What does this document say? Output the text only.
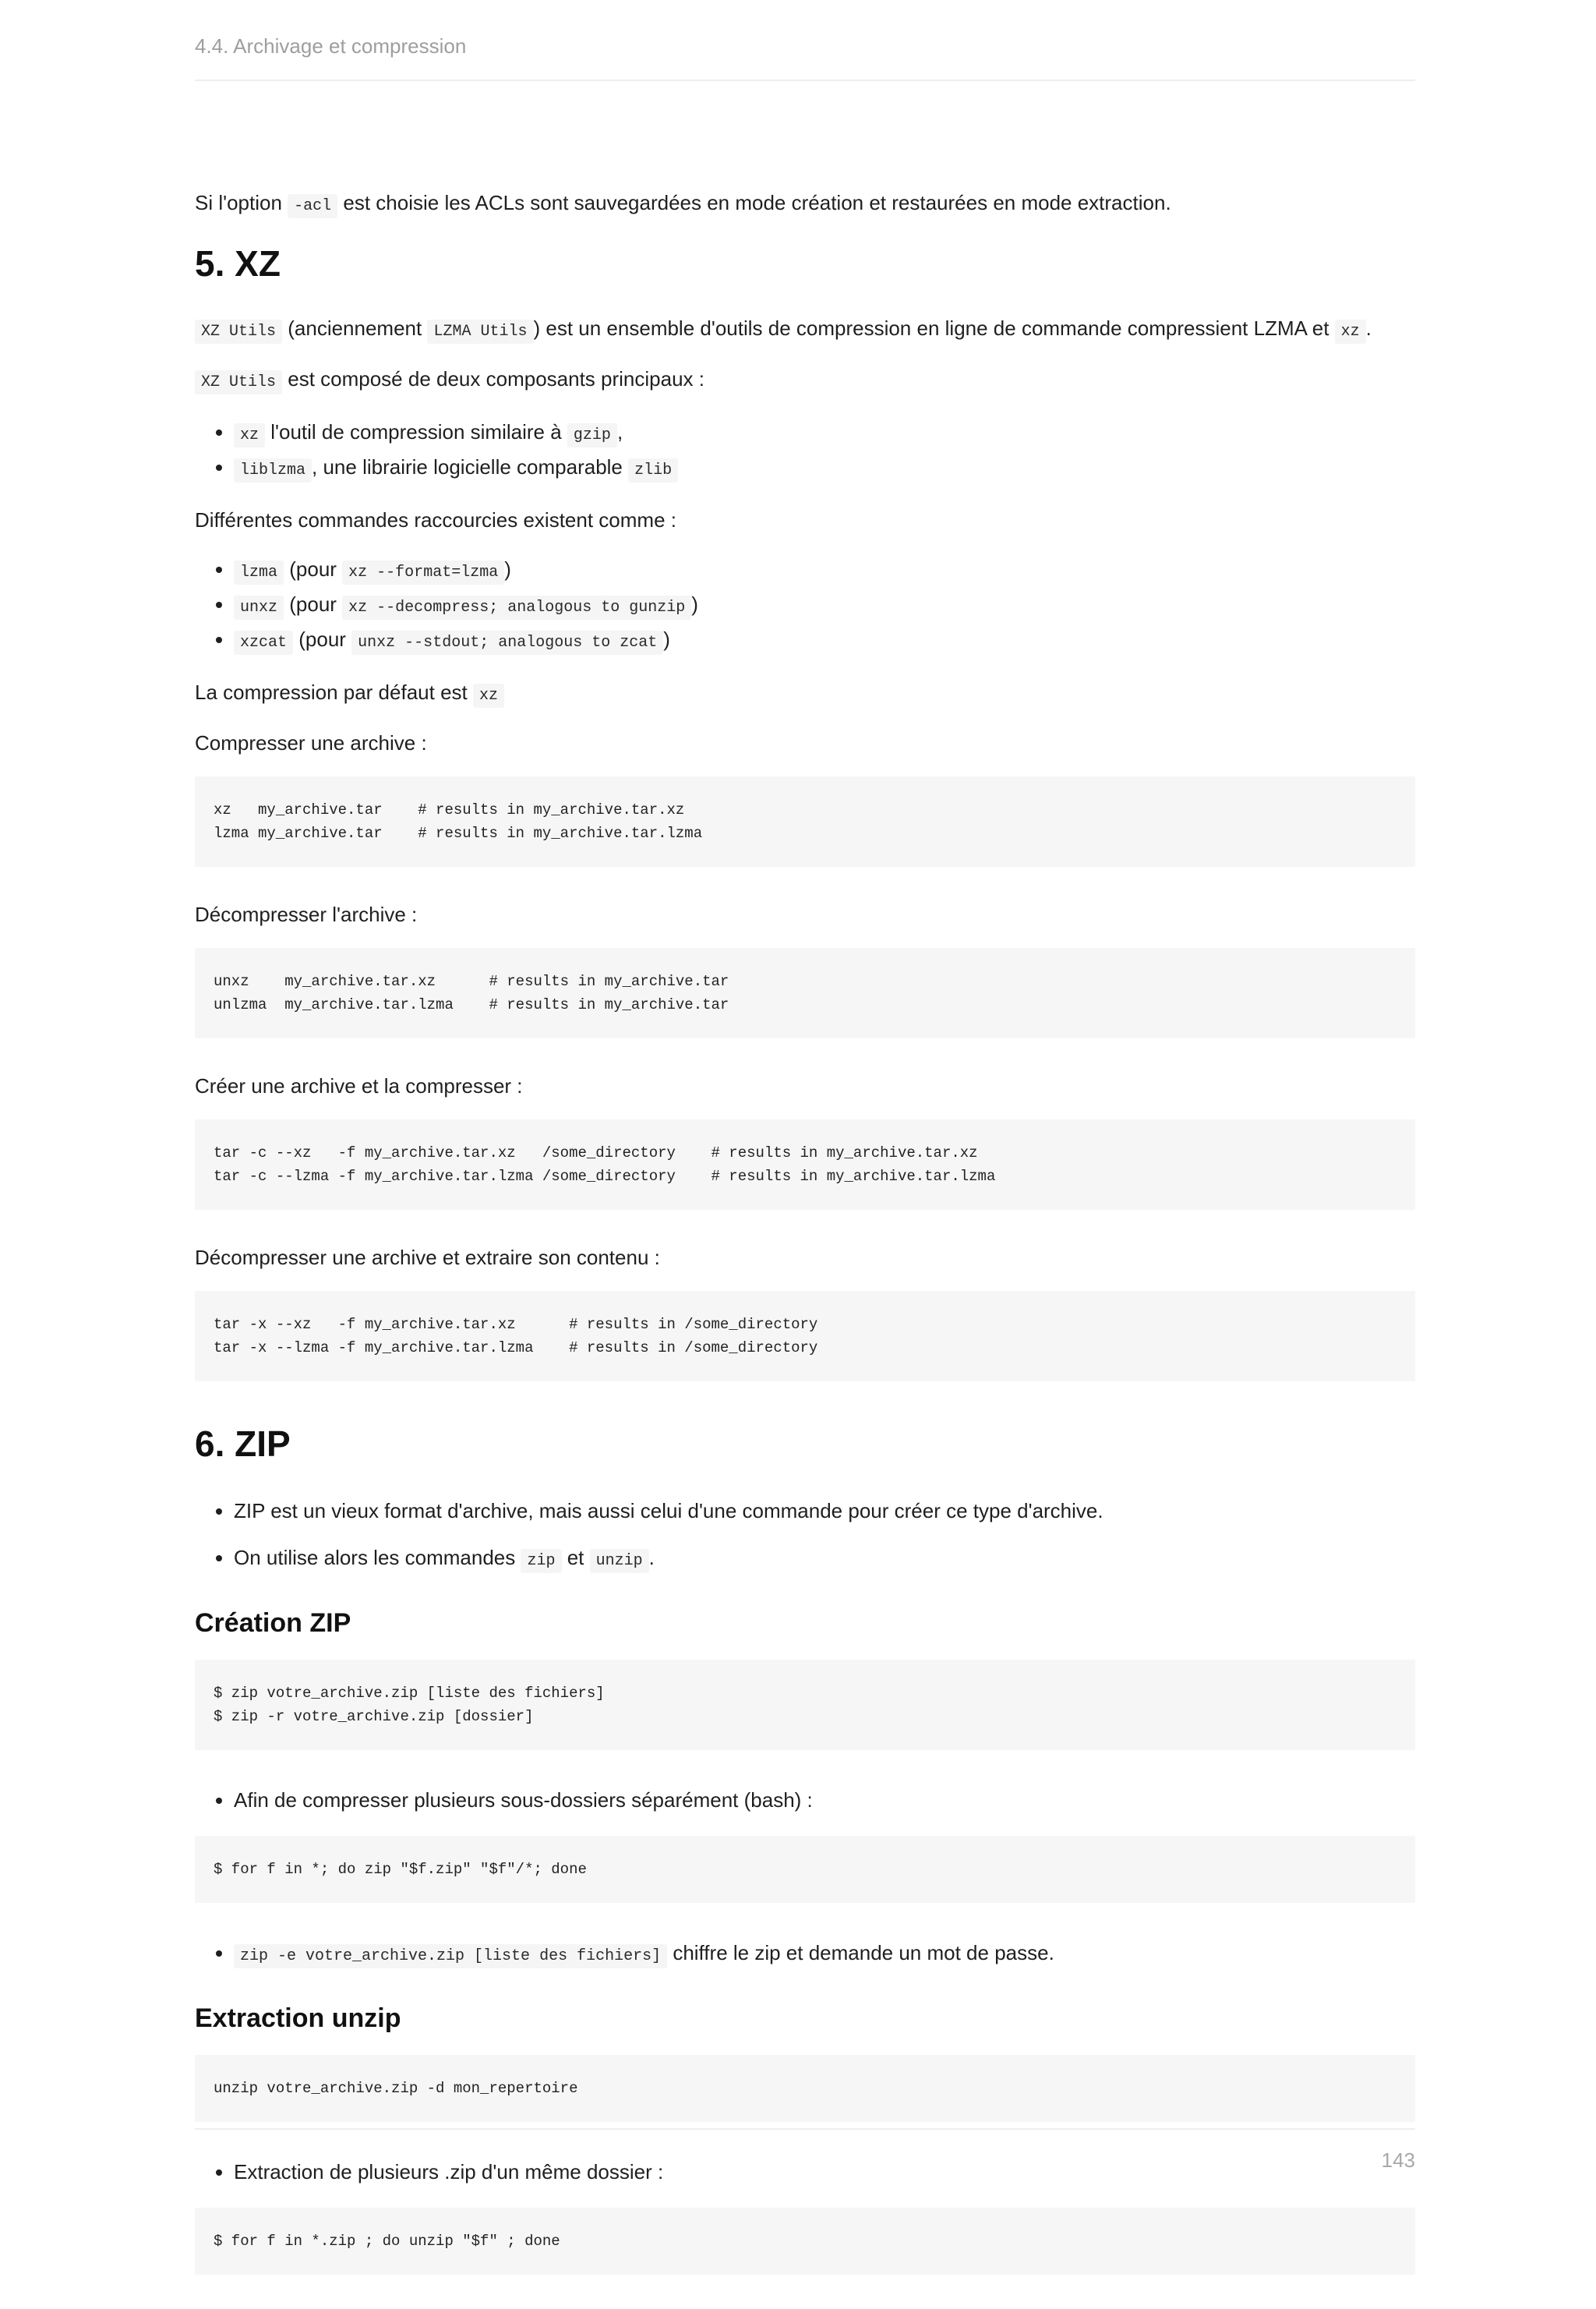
4.4. Archivage et compression

Si l'option -acl est choisie les ACLs sont sauvegardées en mode création et restaurées en mode extraction.

5. XZ

XZ Utils (anciennement LZMA Utils ) est un ensemble d'outils de compression en ligne de commande compressient LZMA et xz .

XZ Utils est composé de deux composants principaux :

• xz l'outil de compression similaire à gzip ,
• liblzma , une librairie logicielle comparable zlib

Différentes commandes raccourcies existent comme :

• lzma (pour xz --format=lzma )
• unxz (pour xz --decompress; analogous to gunzip )
• xzcat (pour unxz --stdout; analogous to zcat )

La compression par défaut est xz

Compresser une archive :

xz   my_archive.tar    # results in my_archive.tar.xz
lzma my_archive.tar    # results in my_archive.tar.lzma

Décompresser l'archive :

unxz    my_archive.tar.xz      # results in my_archive.tar
unlzma  my_archive.tar.lzma    # results in my_archive.tar

Créer une archive et la compresser :

tar -c --xz   -f my_archive.tar.xz   /some_directory    # results in my_archive.tar.xz
tar -c --lzma -f my_archive.tar.lzma /some_directory    # results in my_archive.tar.lzma

Décompresser une archive et extraire son contenu :

tar -x --xz   -f my_archive.tar.xz      # results in /some_directory
tar -x --lzma -f my_archive.tar.lzma    # results in /some_directory
6. ZIP
• ZIP est un vieux format d'archive, mais aussi celui d'une commande pour créer ce type d'archive.
• On utilise alors les commandes zip et unzip .
Création ZIP
$ zip votre_archive.zip [liste des fichiers]
$ zip -r votre_archive.zip [dossier]
• Afin de compresser plusieurs sous-dossiers séparément (bash) :
$ for f in *; do zip "$f.zip" "$f"/*; done
• zip -e votre_archive.zip [liste des fichiers] chiffre le zip et demande un mot de passe.
Extraction unzip
unzip votre_archive.zip -d mon_repertoire
• Extraction de plusieurs .zip d'un même dossier :
$ for f in *.zip ; do unzip "$f" ; done
143
